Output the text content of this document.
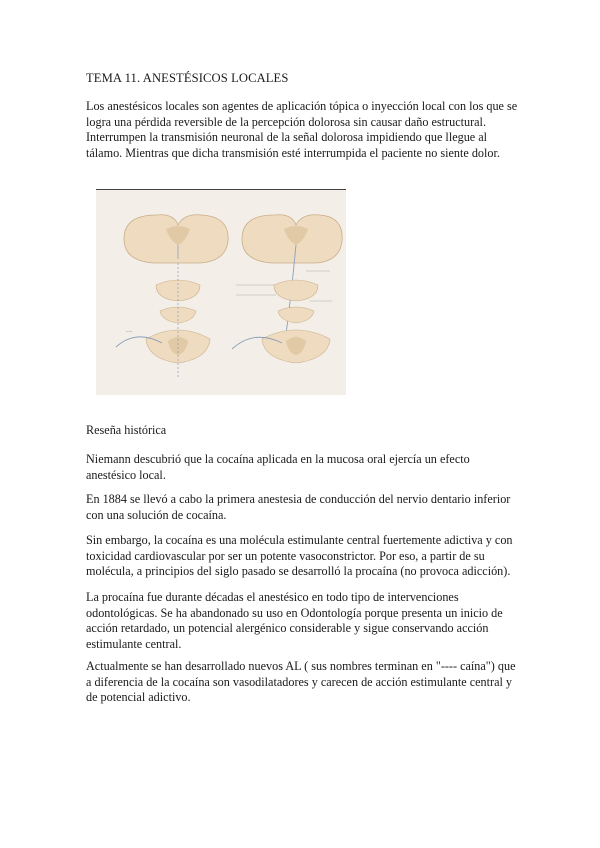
TEMA 11. ANESTÉSICOS LOCALES

Los anestésicos locales son agentes de aplicación tópica o inyección local con los que se logra una pérdida reversible de la percepción dolorosa sin causar daño estructural. Interrumpen la transmisión neuronal de la señal dolorosa impidiendo que llegue al tálamo. Mientras que dicha transmisión esté interrumpida el paciente no siente dolor.

·····

Reseña histórica

Niemann descubrió que la cocaína aplicada en la mucosa oral ejercía un efecto anestésico local.

En 1884 se llevó a cabo la primera anestesia de conducción del nervio dentario inferior con una solución de cocaína.

Sin embargo, la cocaína es una molécula estimulante central fuertemente adictiva y con toxicidad cardiovascular por ser un potente vasoconstrictor. Por eso, a partir de su molécula, a principios del siglo pasado se desarrolló la procaína (no provoca adicción).

La procaína fue durante décadas el anestésico en todo tipo de intervenciones odontológicas. Se ha abandonado su uso en Odontología porque presenta un inicio de acción retardado, un potencial alergénico considerable y sigue conservando acción estimulante central.

Actualmente se han desarrollado nuevos AL ( sus nombres terminan en "---- caína") que a diferencia de la cocaína son vasodilatadores y carecen de acción estimulante central y de potencial adictivo.
